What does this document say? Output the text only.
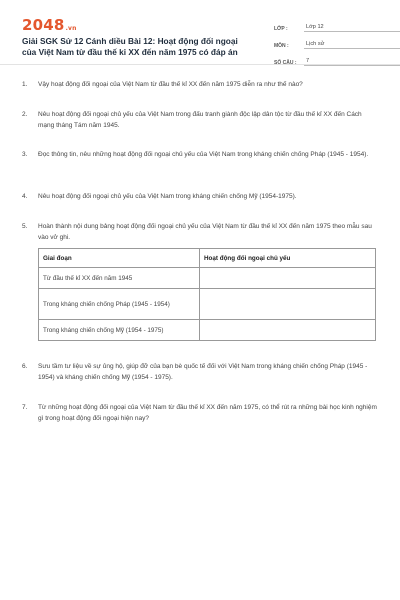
2048.vn
Giải SGK Sử 12 Cánh diều Bài 12: Hoạt động đối ngoại của Việt Nam từ đầu thế kỉ XX đến năm 1975 có đáp án
LỚP :	Lớp 12
MÔN :	Lịch sử
SỐ CÂU :	7
1.	Vậy hoạt động đối ngoại của Việt Nam từ đầu thế kỉ XX đến năm 1975 diễn ra như thế nào?
2.	Nêu hoạt động đối ngoại chủ yếu của Việt Nam trong đấu tranh giành độc lập dân tộc từ đầu thế kỉ XX đến Cách mạng tháng Tám năm 1945.
3.	Đọc thông tin, nêu những hoạt động đối ngoại chủ yếu của Việt Nam trong kháng chiến chống Pháp (1945 - 1954).
4.	Nêu hoạt động đối ngoại chủ yếu của Việt Nam trong kháng chiến chống Mỹ (1954-1975).
5.	Hoàn thành nội dung bảng hoạt động đối ngoại chủ yếu của Việt Nam từ đầu thế kỉ XX đến năm 1975 theo mẫu sau vào vở ghi.
Giai đoạn	Hoạt động đối ngoại chủ yếu
Từ đầu thế kỉ XX đến năm 1945	
Trong kháng chiến chống Pháp (1945 - 1954)	
Trong kháng chiến chống Mỹ (1954 - 1975)	
6.	Sưu tầm tư liệu về sự ủng hộ, giúp đỡ của bạn bè quốc tế đối với Việt Nam trong kháng chiến chống Pháp (1945 - 1954) và kháng chiến chống Mỹ (1954 - 1975).
7.	Từ những hoạt động đối ngoại của Việt Nam từ đầu thế kỉ XX đến năm 1975, có thể rút ra những bài học kinh nghiệm gì trong hoạt động đối ngoại hiện nay?
